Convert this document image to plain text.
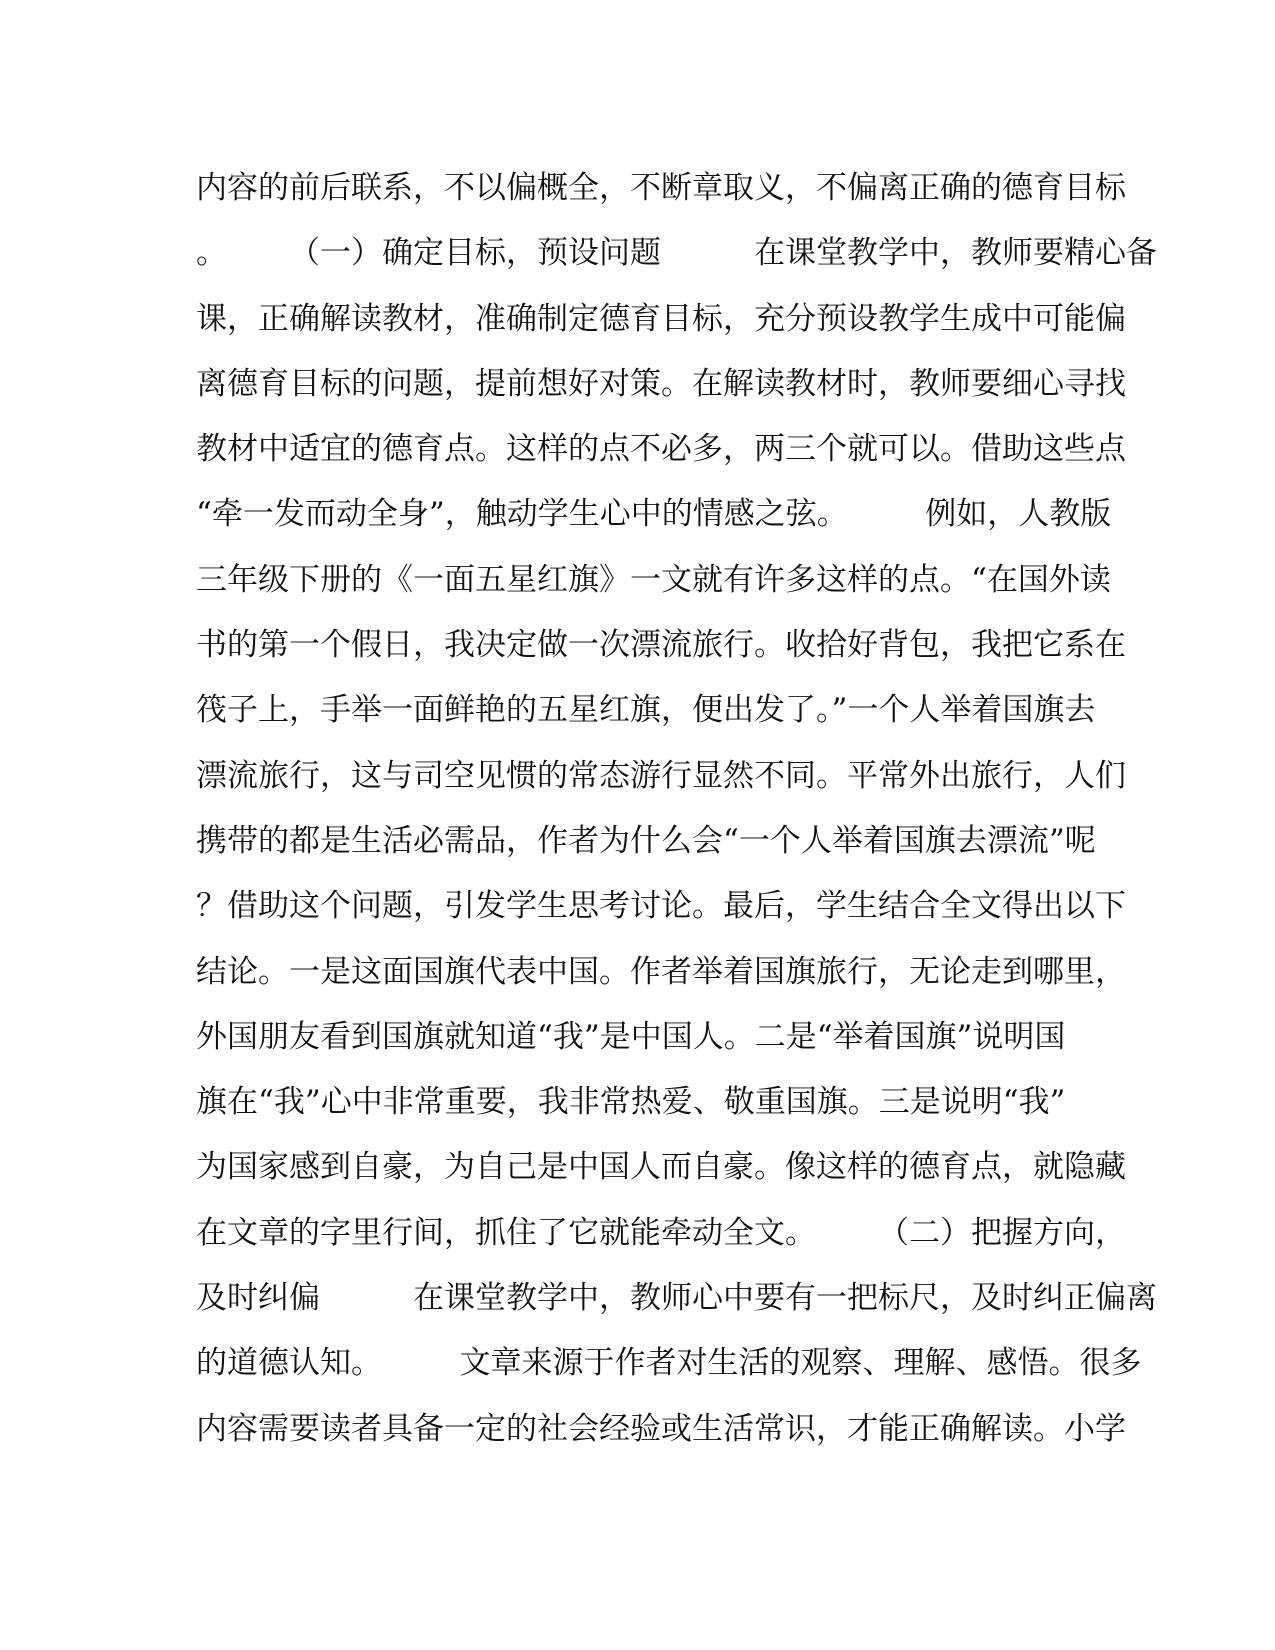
内容的前后联系，不以偏概全，不断章取义，不偏离正确的德育目标
。　　　（一）确定目标，预设问题　　　在课堂教学中，教师要精心备
课，正确解读教材，准确制定德育目标，充分预设教学生成中可能偏
离德育目标的问题，提前想好对策。在解读教材时，教师要细心寻找
教材中适宜的德育点。这样的点不必多，两三个就可以。借助这些点
“牵一发而动全身”，触动学生心中的情感之弦。　　　例如，人教版
三年级下册的《一面五星红旗》一文就有许多这样的点。“在国外读
书的第一个假日，我决定做一次漂流旅行。收拾好背包，我把它系在
筏子上，手举一面鲜艳的五星红旗，便出发了。”一个人举着国旗去
漂流旅行，这与司空见惯的常态游行显然不同。平常外出旅行，人们
携带的都是生活必需品，作者为什么会“一个人举着国旗去漂流”呢
？借助这个问题，引发学生思考讨论。最后，学生结合全文得出以下
结论。一是这面国旗代表中国。作者举着国旗旅行，无论走到哪里，
外国朋友看到国旗就知道“我”是中国人。二是“举着国旗”说明国
旗在“我”心中非常重要，我非常热爱、敬重国旗。三是说明“我”
为国家感到自豪，为自己是中国人而自豪。像这样的德育点，就隐藏
在文章的字里行间，抓住了它就能牵动全文。　　　（二）把握方向，
及时纠偏　　　在课堂教学中，教师心中要有一把标尺，及时纠正偏离
的道德认知。　　　文章来源于作者对生活的观察、理解、感悟。很多
内容需要读者具备一定的社会经验或生活常识，才能正确解读。小学
